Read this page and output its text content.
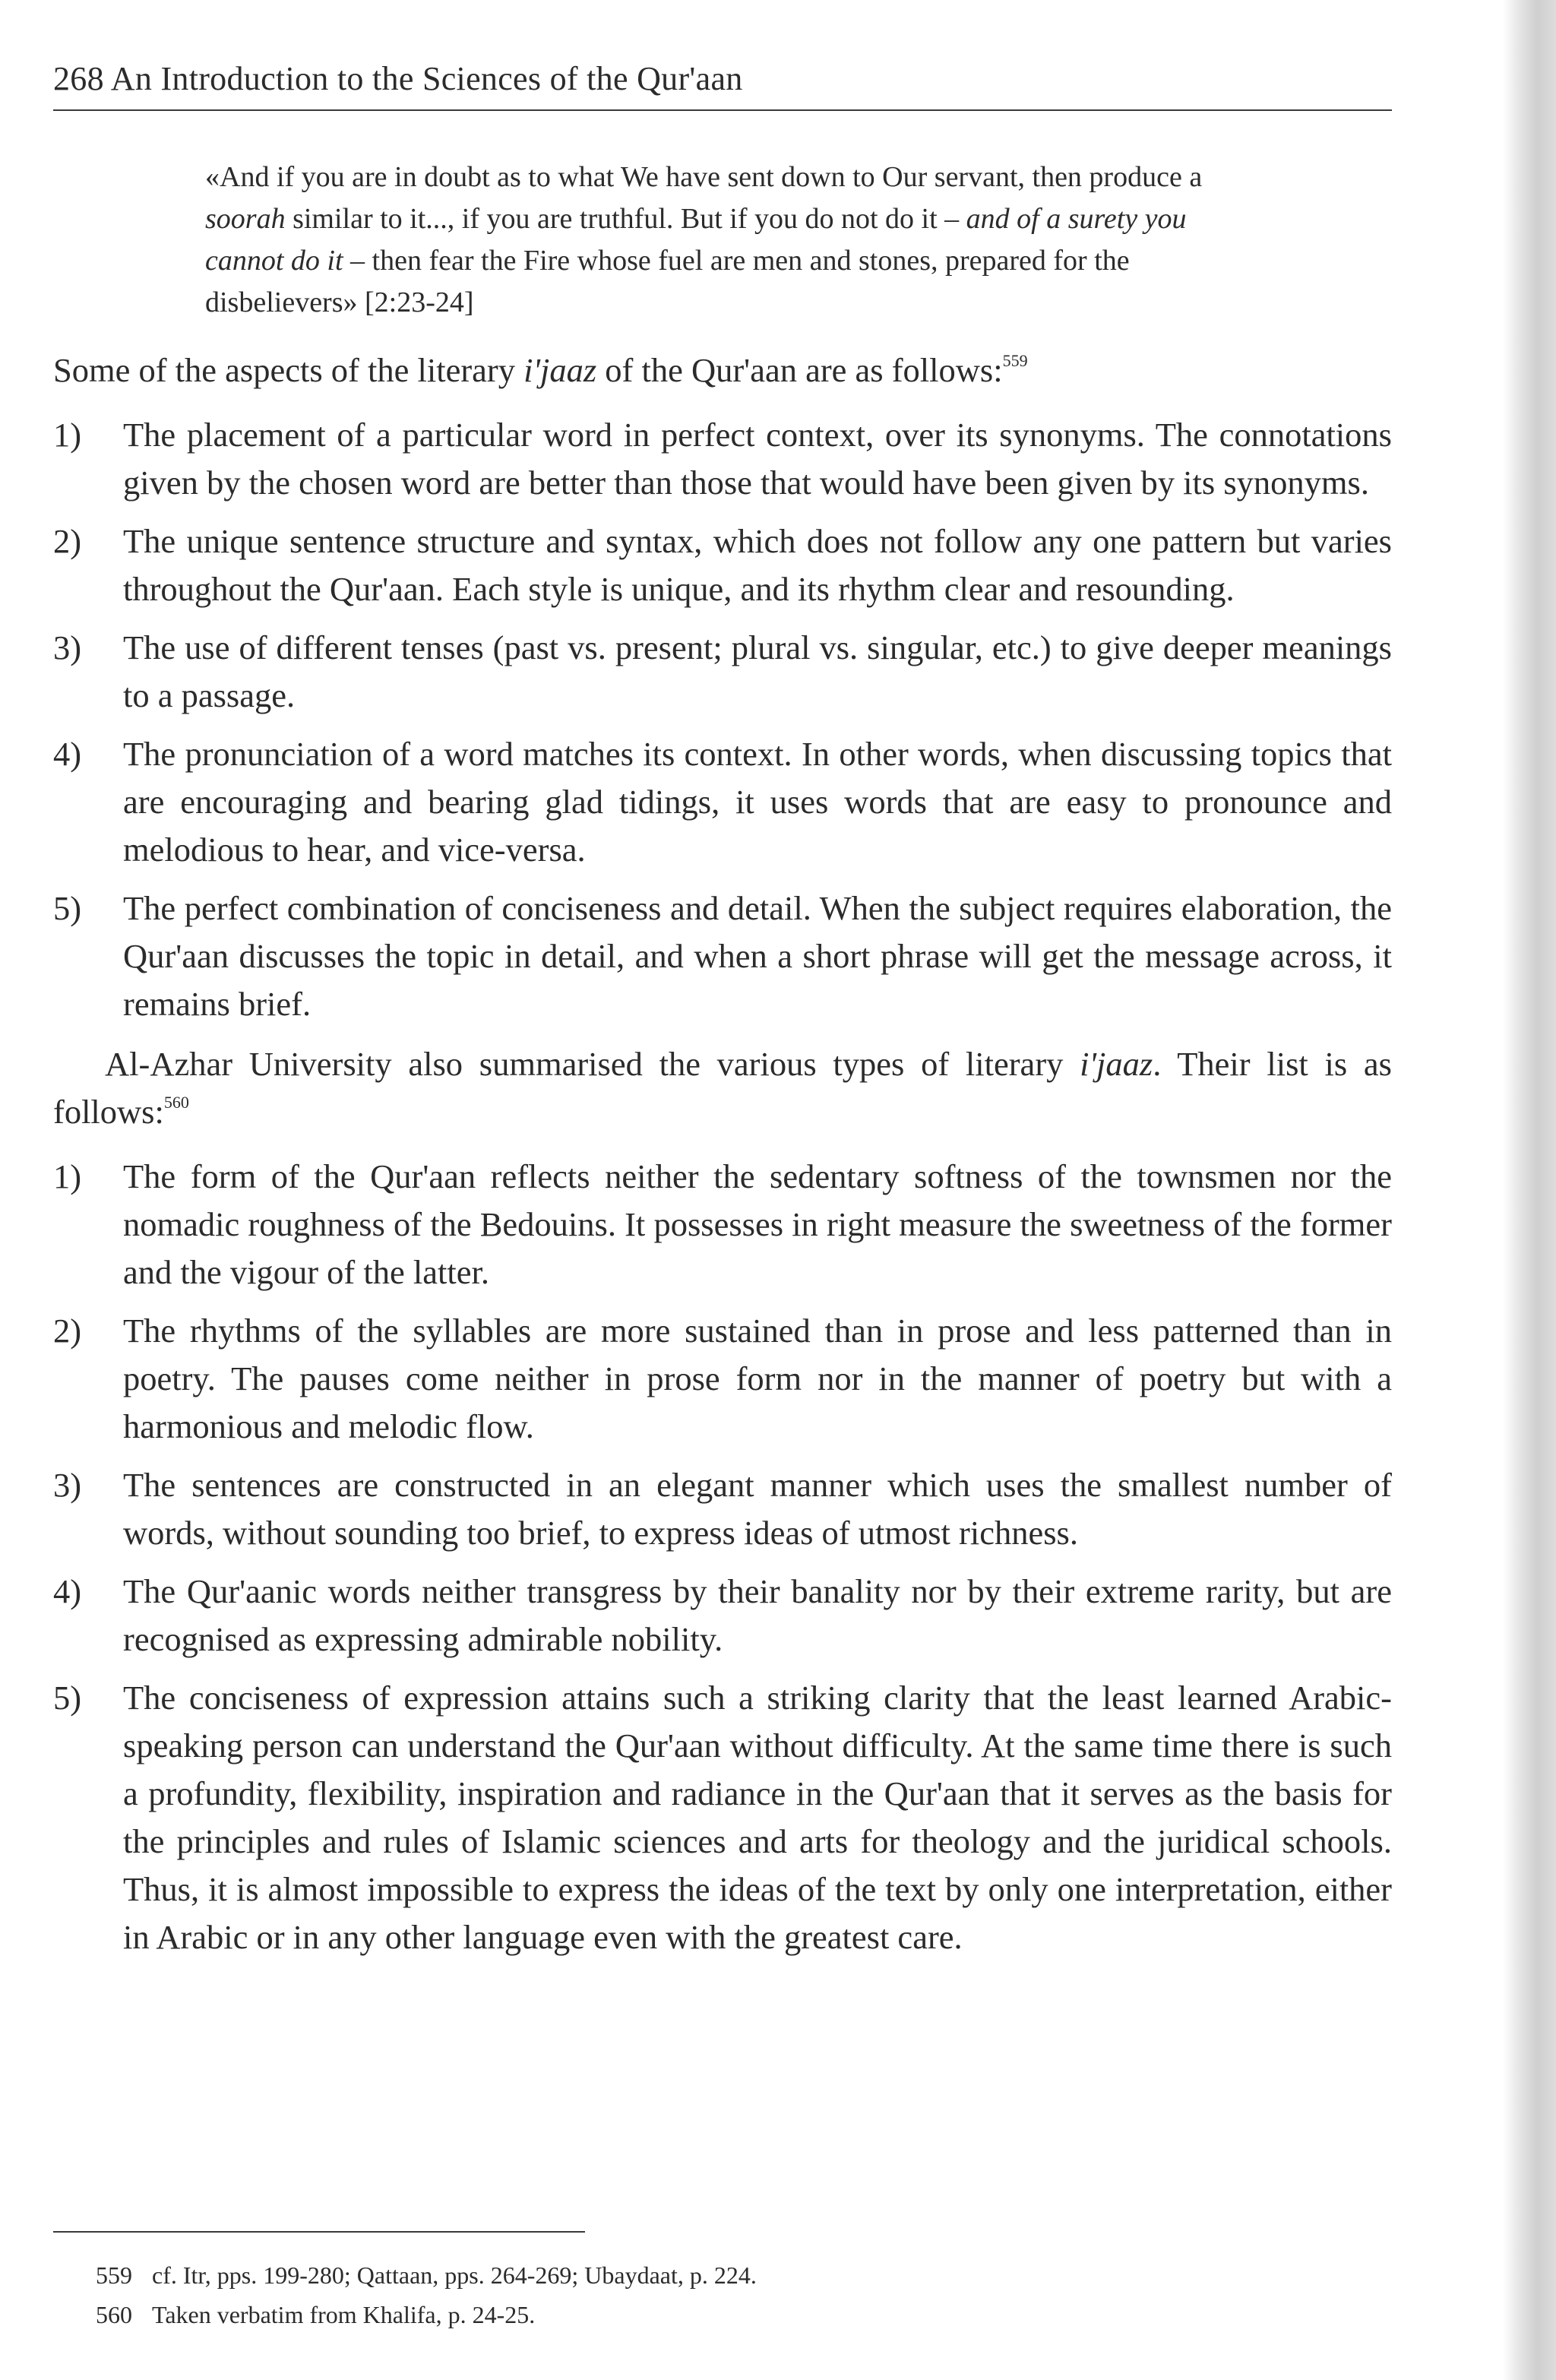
268 An Introduction to the Sciences of the Qur'aan
«And if you are in doubt as to what We have sent down to Our servant, then produce a soorah similar to it..., if you are truthful. But if you do not do it – and of a surety you cannot do it – then fear the Fire whose fuel are men and stones, prepared for the disbelievers» [2:23-24]

Some of the aspects of the literary i'jaaz of the Qur'aan are as follows:$^{559}$

1)	The placement of a particular word in perfect context, over its synonyms. The connotations given by the chosen word are better than those that would have been given by its synonyms.
2)	The unique sentence structure and syntax, which does not follow any one pattern but varies throughout the Qur'aan. Each style is unique, and its rhythm clear and resounding.
3)	The use of different tenses (past vs. present; plural vs. singular, etc.) to give deeper meanings to a passage.
4)	The pronunciation of a word matches its context. In other words, when discussing topics that are encouraging and bearing glad tidings, it uses words that are easy to pronounce and melodious to hear, and vice-versa.
5)	The perfect combination of conciseness and detail. When the subject requires elaboration, the Qur'aan discusses the topic in detail, and when a short phrase will get the message across, it remains brief.

Al-Azhar University also summarised the various types of literary i'jaaz. Their list is as follows:$^{560}$

1)	The form of the Qur'aan reflects neither the sedentary softness of the townsmen nor the nomadic roughness of the Bedouins. It possesses in right measure the sweetness of the former and the vigour of the latter.
2)	The rhythms of the syllables are more sustained than in prose and less patterned than in poetry. The pauses come neither in prose form nor in the manner of poetry but with a harmonious and melodic flow.
3)	The sentences are constructed in an elegant manner which uses the smallest number of words, without sounding too brief, to express ideas of utmost richness.
4)	The Qur'aanic words neither transgress by their banality nor by their extreme rarity, but are recognised as expressing admirable nobility.
5)	The conciseness of expression attains such a striking clarity that the least learned Arabic-speaking person can understand the Qur'aan without difficulty. At the same time there is such a profundity, flexibility, inspiration and radiance in the Qur'aan that it serves as the basis for the principles and rules of Islamic sciences and arts for theology and the juridical schools. Thus, it is almost impossible to express the ideas of the text by only one interpretation, either in Arabic or in any other language even with the greatest care.
559 cf. Itr, pps. 199-280; Qattaan, pps. 264-269; Ubaydaat, p. 224.
560 Taken verbatim from Khalifa, p. 24-25.
